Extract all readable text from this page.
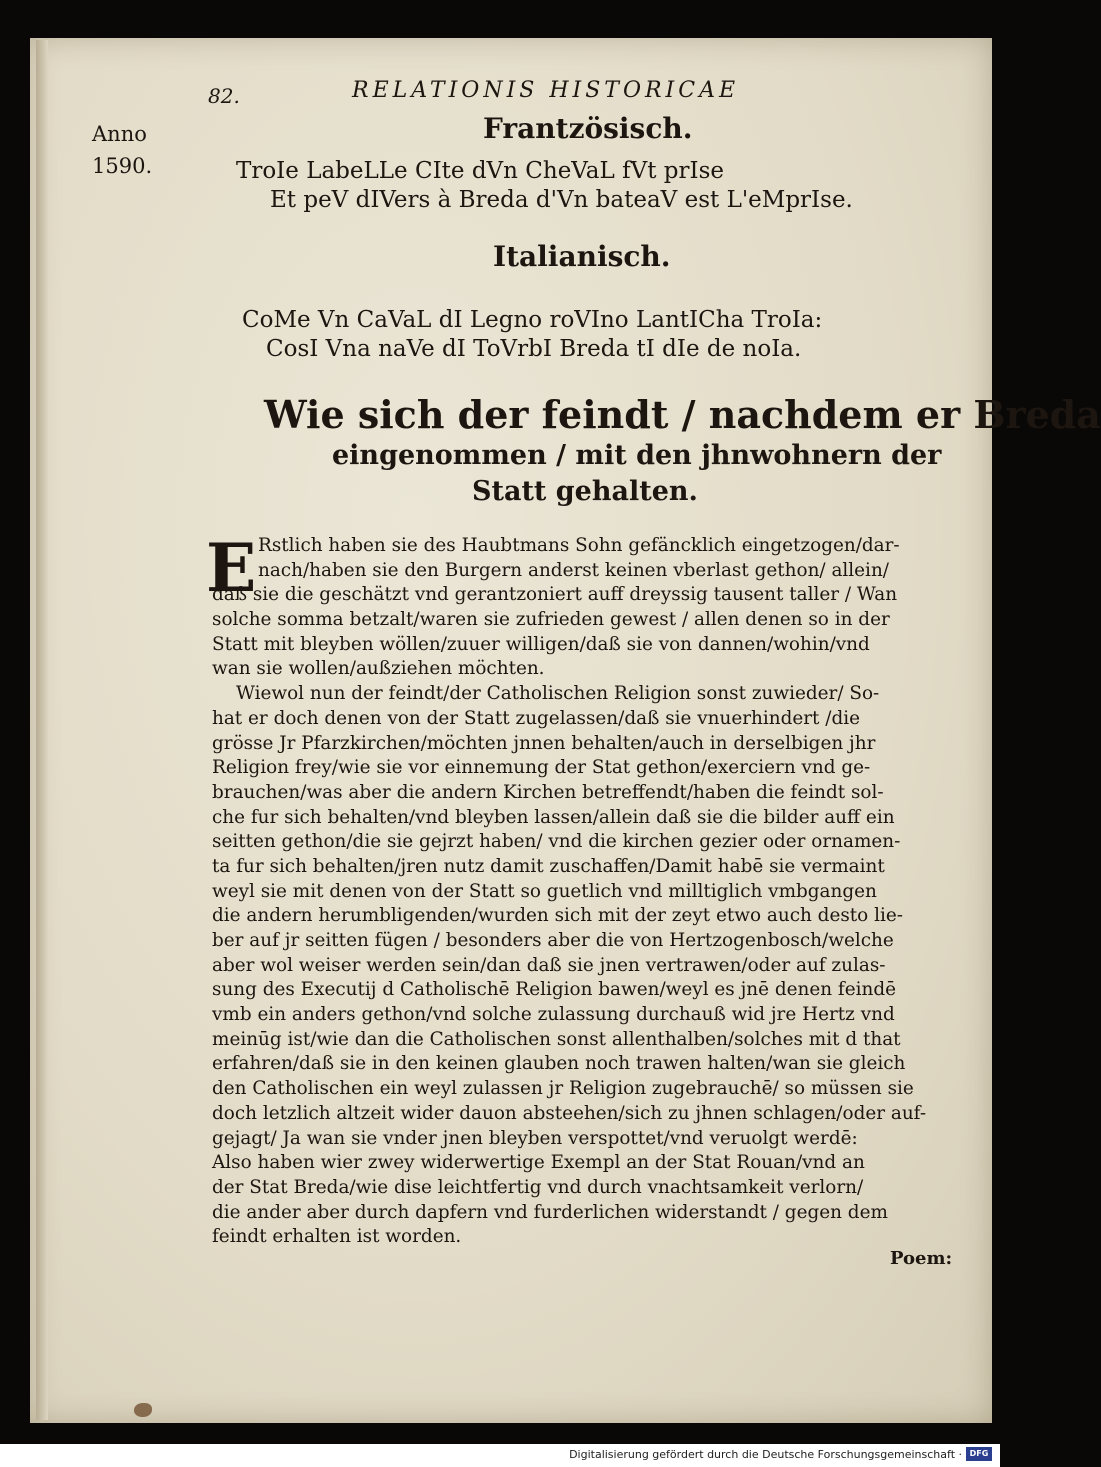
82.	RELATIONIS HISTORICAE
Anno
1590.
Frantzösisch.
TroIe LabeLLe CIte dVn CheVaL fVt prIse
Et peV dIVers à Breda d'Vn bateaV est L'eMprIse.
Italianisch.
CoMe Vn CaVaL dI Legno roVIno LantICha TroIa:
CosI Vna naVe dI ToVrbI Breda tI dIe de noIa.
Wie sich der feindt / nachdem er Breda
eingenommen / mit den jhnwohnern der
Statt gehalten.
E Rstlich haben sie des Haubtmans Sohn gefäncklich eingetzogen/dar-
nach/haben sie den Burgern anderst keinen vberlast gethon/ allein/
daß sie die geschätzt vnd gerantzoniert auff dreyssig tausent taller / Wan
solche somma betzalt/waren sie zufrieden gewest / allen denen so in der
Statt mit bleyben wöllen/zuuer willigen/daß sie von dannen/wohin/vnd
wan sie wollen/außziehen möchten.
Wiewol nun der feindt/der Catholischen Religion sonst zuwieder/ So-
hat er doch denen von der Statt zugelassen/daß sie vnuerhindert /die
grösse Jr Pfarzkirchen/möchten jnnen behalten/auch in derselbigen jhr
Religion frey/wie sie vor einnemung der Stat gethon/exerciern vnd ge-
brauchen/was aber die andern Kirchen betreffendt/haben die feindt sol-
che fur sich behalten/vnd bleyben lassen/allein daß sie die bilder auff ein
seitten gethon/die sie gejrzt haben/ vnd die kirchen gezier oder ornamen-
ta fur sich behalten/jren nutz damit zuschaffen/Damit habē sie vermaint
weyl sie mit denen von der Statt so guetlich vnd milltiglich vmbgangen
die andern herumbligenden/wurden sich mit der zeyt etwo auch desto lie-
ber auf jr seitten fügen / besonders aber die von Hertzogenbosch/welche
aber wol weiser werden sein/dan daß sie jnen vertrawen/oder auf zulas-
sung des Executij d Catholischē Religion bawen/weyl es jnē denen feindē
vmb ein anders gethon/vnd solche zulassung durchauß wid jre Hertz vnd
meinūg ist/wie dan die Catholischen sonst allenthalben/solches mit d that
erfahren/daß sie in den keinen glauben noch trawen halten/wan sie gleich
den Catholischen ein weyl zulassen jr Religion zugebrauchē/ so müssen sie
doch letzlich altzeit wider dauon absteehen/sich zu jhnen schlagen/oder auf-
gejagt/ Ja wan sie vnder jnen bleyben verspottet/vnd veruolgt werdē:
Also haben wier zwey widerwertige Exempl an der Stat Rouan/vnd an
der Stat Breda/wie dise leichtfertig vnd durch vnachtsamkeit verlorn/
die ander aber durch dapfern vnd furderlichen widerstandt / gegen dem
feindt erhalten ist worden.
Poem:
Digitalisierung gefördert durch die Deutsche Forschungsgemeinschaft · DFG
